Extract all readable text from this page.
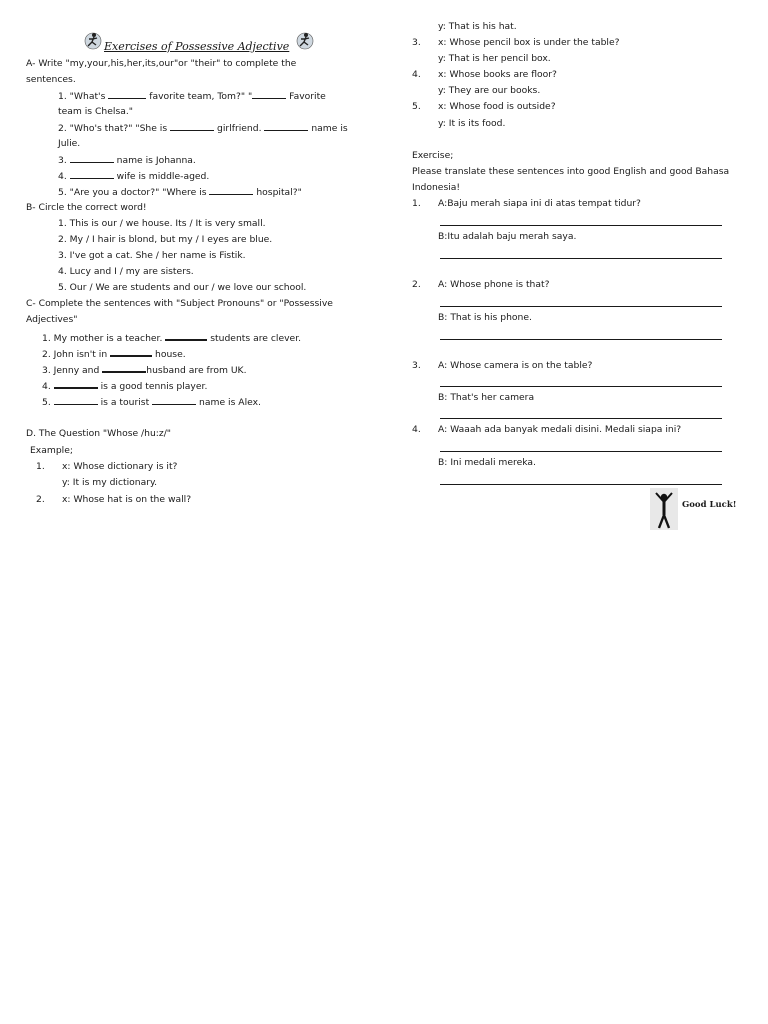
Exercises of Possessive Adjective
A- Write "my,your,his,her,its,our"or "their" to complete the
sentences.
1. "What's	favorite team, Tom?" "	Favorite
team is Chelsa."
2. "Who's that?" "She is	girlfriend.	name is
Julie.
3.	name is Johanna.
4.	wife is middle-aged.
5. "Are you a doctor?" "Where is	hospital?"
B- Circle the correct word!
1. This is our / we house. Its / It is very small.
2. My / I hair is blond, but my / I eyes are blue.
3. I've got a cat. She / her name is Fistik.
4. Lucy and I / my are sisters.
5. Our / We are students and our / we love our school.
C- Complete the sentences with "Subject Pronouns" or "Possessive
Adjectives"
1. My mother is a teacher.	students are clever.
2. John isn't in	house.
3. Jenny and	husband are from UK.
4.	is a good tennis player.
5.	is a tourist	name is Alex.
D. The Question "Whose /hu:z/"
Example;
1. x: Whose dictionary is it?
y: It is my dictionary.
2. x: Whose hat is on the wall?
y: That is his hat.
3. x: Whose pencil box is under the table?
y: That is her pencil box.
4. x: Whose books are floor?
y: They are our books.
5. x: Whose food is outside?
y: It is its food.
Exercise;
Please translate these sentences into good English and good Bahasa
Indonesia!
1. A:Baju merah siapa ini di atas tempat tidur?
B:Itu adalah baju merah saya.
2. A: Whose phone is that?
B: That is his phone.
3. A: Whose camera is on the table?
B: That's her camera
4. A: Waaah ada banyak medali disini. Medali siapa ini?
B: Ini medali mereka.
Good Luck!
